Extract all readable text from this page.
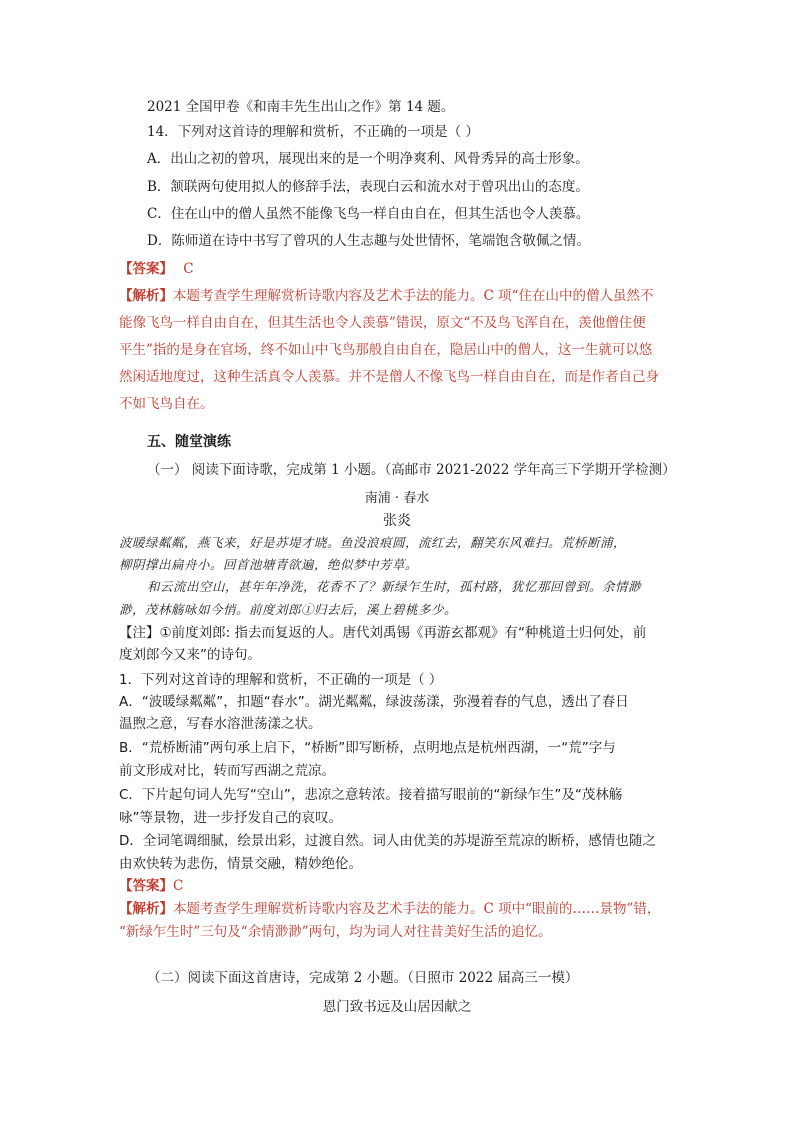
2021 全国甲卷《和南丰先生出山之作》第 14 题。
14．下列对这首诗的理解和赏析，不正确的一项是（ ）
A．出山之初的曾巩，展现出来的是一个明净爽利、风骨秀异的高士形象。
B．颔联两句使用拟人的修辞手法，表现白云和流水对于曾巩出山的态度。
C．住在山中的僧人虽然不能像飞鸟一样自由自在，但其生活也令人羡慕。
D．陈师道在诗中书写了曾巩的人生志趣与处世情怀，笔端饱含敬佩之情。
【答案】 C
【解析】本题考查学生理解赏析诗歌内容及艺术手法的能力。C 项“住在山中的僧人虽然不
能像飞鸟一样自由自在，但其生活也令人羡慕”错误，原文“不及鸟飞浑自在，羡他僧住便
平生”指的是身在官场，终不如山中飞鸟那般自由自在，隐居山中的僧人，这一生就可以悠
然闲适地度过，这种生活真令人羡慕。并不是僧人不像飞鸟一样自由自在，而是作者自己身
不如飞鸟自在。
五、随堂演练
（一） 阅读下面诗歌，完成第 1 小题。（高邮市 2021-2022 学年高三下学期开学检测）
南浦 · 春水
张炎
波暖绿粼粼，燕飞来，好是苏堤才晓。鱼没浪痕圆，流红去，翻笑东风难扫。荒桥断浦，
柳阴撑出扁舟小。回首池塘青欲遍，绝似梦中芳草。
和云流出空山，甚年年净洗，花香不了？新绿乍生时，孤村路，犹忆那回曾到。余情渺
渺，茂林觞咏如今悄。前度刘郎①归去后，溪上碧桃多少。
【注】①前度刘郎: 指去而复返的人。唐代刘禹锡《再游玄都观》有“种桃道士归何处，前
度刘郎今又来”的诗句。
1．下列对这首诗的理解和赏析，不正确的一项是（ ）
A．“波暖绿粼粼”，扣题“春水”。湖光粼粼，绿波荡漾，弥漫着春的气息，透出了春日
温煦之意，写春水溶泄荡漾之状。
B．“荒桥断浦”两句承上启下，“桥断”即写断桥，点明地点是杭州西湖，一“荒”字与
前文形成对比，转而写西湖之荒凉。
C．下片起句词人先写“空山”，悲凉之意转浓。接着描写眼前的“新绿乍生”及“茂林觞
咏”等景物，进一步抒发自己的哀叹。
D．全词笔调细腻，绘景出彩，过渡自然。词人由优美的苏堤游至荒凉的断桥，感情也随之
由欢快转为悲伤，情景交融，精妙绝伦。
【答案】C
【解析】本题考查学生理解赏析诗歌内容及艺术手法的能力。C 项中“眼前的……景物”错，
“新绿乍生时”三句及“余情渺渺”两句，均为词人对往昔美好生活的追忆。
（二）阅读下面这首唐诗，完成第 2 小题。（日照市 2022 届高三一模）
恩门致书远及山居因献之
